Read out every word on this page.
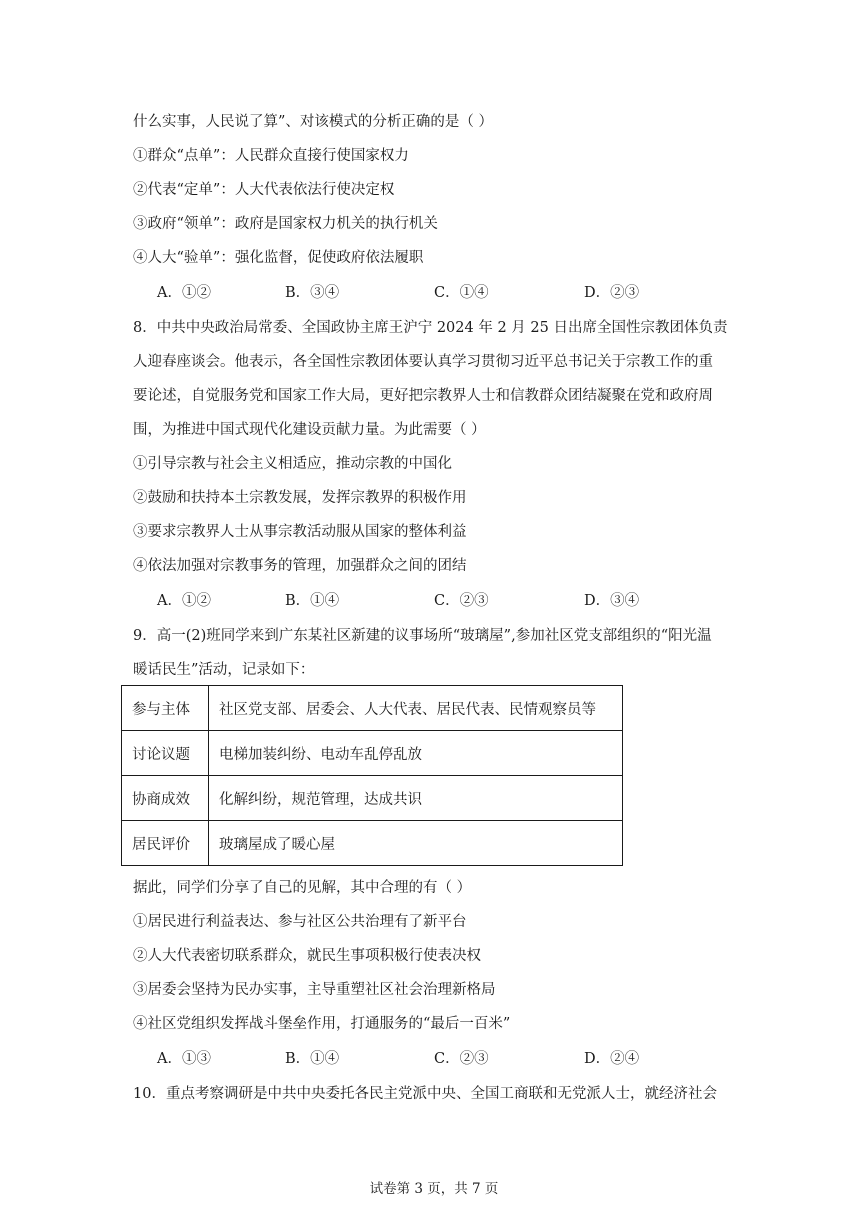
什么实事，人民说了算”、对该模式的分析正确的是（ ）
①群众“点单”：人民群众直接行使国家权力
②代表“定单”：人大代表依法行使决定权
③政府“领单”：政府是国家权力机关的执行机关
④人大“验单”：强化监督，促使政府依法履职
A．①②	B．③④	C．①④	D．②③
8．中共中央政治局常委、全国政协主席王沪宁 2024 年 2 月 25 日出席全国性宗教团体负责
人迎春座谈会。他表示，各全国性宗教团体要认真学习贯彻习近平总书记关于宗教工作的重
要论述，自觉服务党和国家工作大局，更好把宗教界人士和信教群众团结凝聚在党和政府周
围，为推进中国式现代化建设贡献力量。为此需要（ ）
①引导宗教与社会主义相适应，推动宗教的中国化
②鼓励和扶持本土宗教发展，发挥宗教界的积极作用
③要求宗教界人士从事宗教活动服从国家的整体利益
④依法加强对宗教事务的管理，加强群众之间的团结
A．①②	B．①④	C．②③	D．③④
9．高一(2)班同学来到广东某社区新建的议事场所“玻璃屋”,参加社区党支部组织的“阳光温
暖话民生”活动，记录如下：
参与主体	社区党支部、居委会、人大代表、居民代表、民情观察员等
讨论议题	电梯加装纠纷、电动车乱停乱放
协商成效	化解纠纷，规范管理，达成共识
居民评价	玻璃屋成了暖心屋
据此，同学们分享了自己的见解，其中合理的有（ ）
①居民进行利益表达、参与社区公共治理有了新平台
②人大代表密切联系群众，就民生事项积极行使表决权
③居委会坚持为民办实事，主导重塑社区社会治理新格局
④社区党组织发挥战斗堡垒作用，打通服务的“最后一百米”
A．①③	B．①④	C．②③	D．②④
10．重点考察调研是中共中央委托各民主党派中央、全国工商联和无党派人士，就经济社会
试卷第 3 页，共 7 页
